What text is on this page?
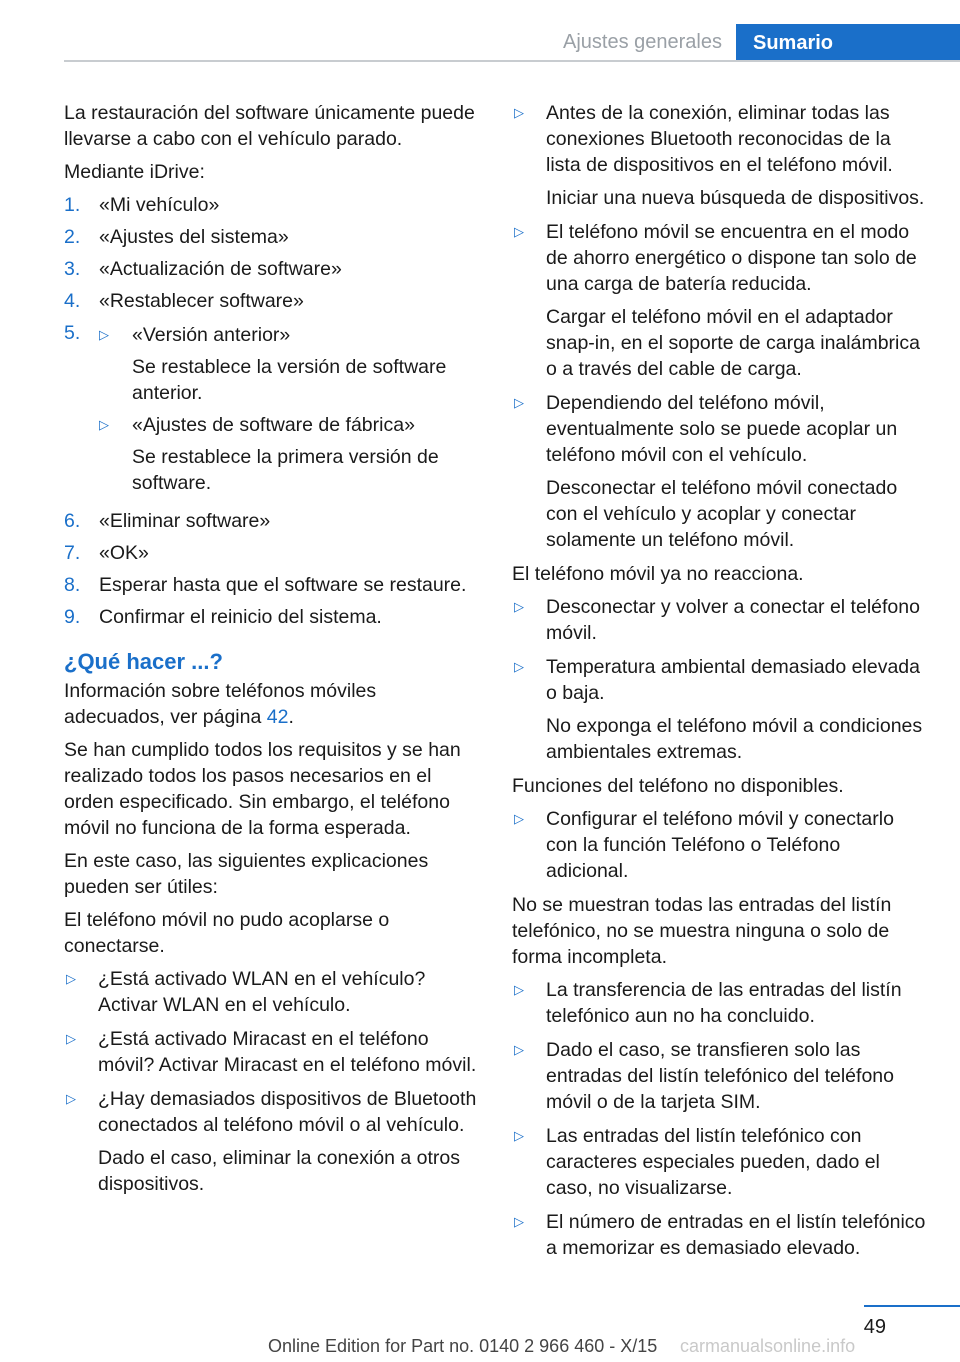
Ajustes generales	Sumario

La restauración del software únicamente puede llevarse a cabo con el vehículo parado.

Mediante iDrive:

1. «Mi vehículo»
2. «Ajustes del sistema»
3. «Actualización de software»
4. «Restablecer software»
5.	▷	«Versión anterior»
Se restablece la versión de software anterior.
▷	«Ajustes de software de fábrica»
Se restablece la primera versión de software.
6. «Eliminar software»
7. «OK»
8. Esperar hasta que el software se restaure.
9. Confirmar el reinicio del sistema.
¿Qué hacer ...?

Información sobre teléfonos móviles adecuados, ver página 42.

Se han cumplido todos los requisitos y se han realizado todos los pasos necesarios en el orden especificado. Sin embargo, el teléfono móvil no funciona de la forma esperada.

En este caso, las siguientes explicaciones pueden ser útiles:

El teléfono móvil no pudo acoplarse o conectarse.

▷	¿Está activado WLAN en el vehículo? Activar WLAN en el vehículo.
▷	¿Está activado Miracast en el teléfono móvil? Activar Miracast en el teléfono móvil.
▷	¿Hay demasiados dispositivos de Bluetooth conectados al teléfono móvil o al vehículo.
Dado el caso, eliminar la conexión a otros dispositivos.
▷	Antes de la conexión, eliminar todas las conexiones Bluetooth reconocidas de la lista de dispositivos en el teléfono móvil.
Iniciar una nueva búsqueda de dispositivos.
▷	El teléfono móvil se encuentra en el modo de ahorro energético o dispone tan solo de una carga de batería reducida.
Cargar el teléfono móvil en el adaptador snap-in, en el soporte de carga inalámbrica o a través del cable de carga.
▷	Dependiendo del teléfono móvil, eventualmente solo se puede acoplar un teléfono móvil con el vehículo.
Desconectar el teléfono móvil conectado con el vehículo y acoplar y conectar solamente un teléfono móvil.

El teléfono móvil ya no reacciona.

▷	Desconectar y volver a conectar el teléfono móvil.
▷	Temperatura ambiental demasiado elevada o baja.
No exponga el teléfono móvil a condiciones ambientales extremas.

Funciones del teléfono no disponibles.

▷	Configurar el teléfono móvil y conectarlo con la función Teléfono o Teléfono adicional.

No se muestran todas las entradas del listín telefónico, no se muestra ninguna o solo de forma incompleta.

▷	La transferencia de las entradas del listín telefónico aun no ha concluido.
▷	Dado el caso, se transfieren solo las entradas del listín telefónico del teléfono móvil o de la tarjeta SIM.
▷	Las entradas del listín telefónico con caracteres especiales pueden, dado el caso, no visualizarse.
▷	El número de entradas en el listín telefónico a memorizar es demasiado elevado.
49
Online Edition for Part no. 0140 2 966 460 - X/15 carmanualsonline.info
